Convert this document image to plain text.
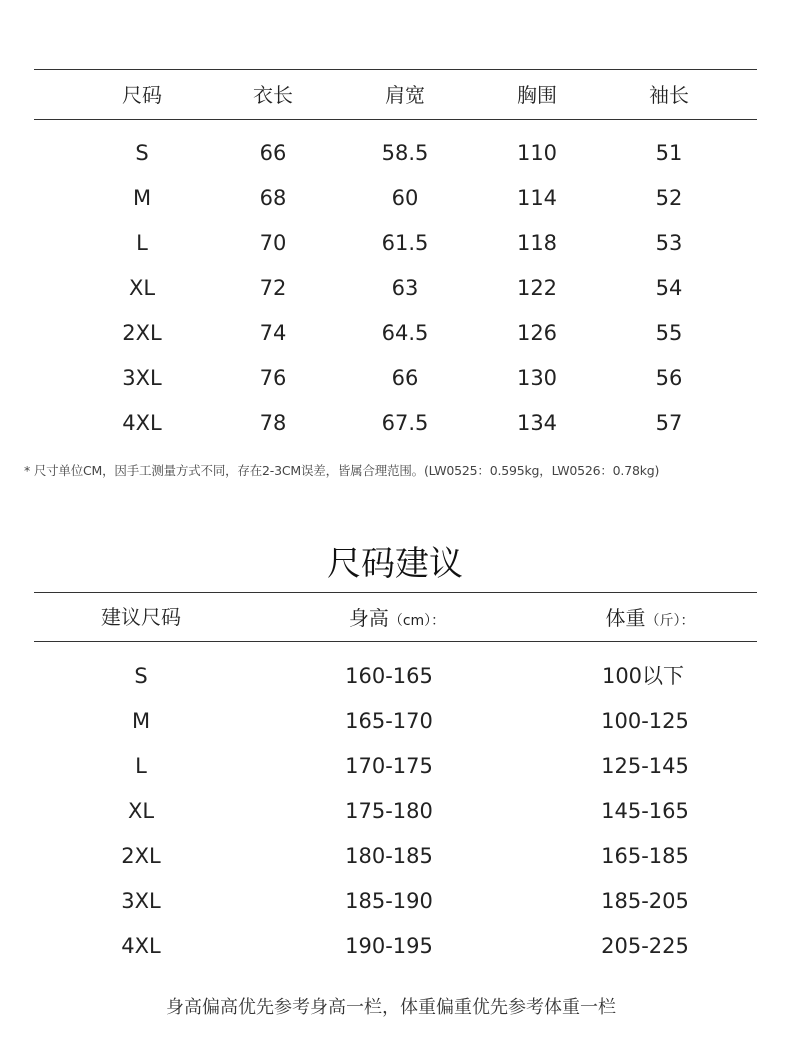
尺码	衣长	肩宽	胸围	袖长
S	66	58.5	110	51
M	68	60	114	52
L	70	61.5	118	53
XL	72	63	122	54
2XL	74	64.5	126	55
3XL	76	66	130	56
4XL	78	67.5	134	57
* 尺寸单位CM，因手工测量方式不同，存在2-3CM误差，皆属合理范围。(LW0525：0.595kg，LW0526：0.78kg)
尺码建议
建议尺码	身高（cm）：	体重（斤）：
S	160-165	100以下
M	165-170	100-125
L	170-175	125-145
XL	175-180	145-165
2XL	180-185	165-185
3XL	185-190	185-205
4XL	190-195	205-225
身高偏高优先参考身高一栏，体重偏重优先参考体重一栏
